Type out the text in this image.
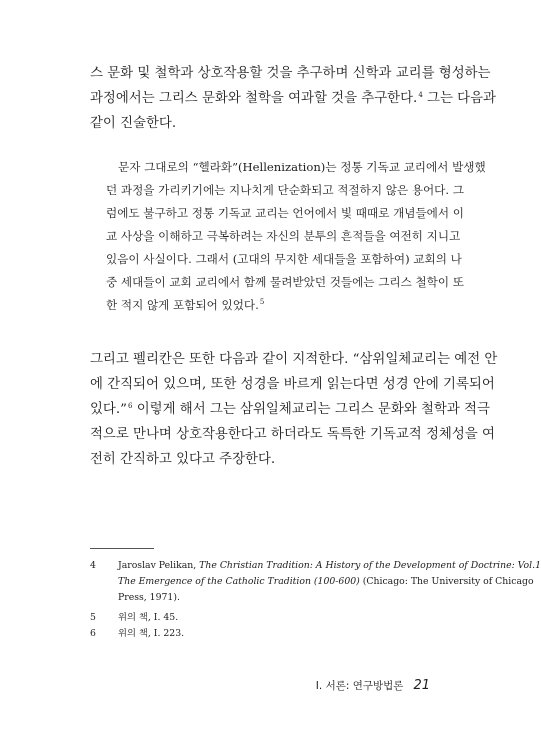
스 문화 및 철학과 상호작용할 것을 추구하며 신학과 교리를 형성하는
과정에서는 그리스 문화와 철학을 여과할 것을 추구한다.$^4$ 그는 다음과
같이 진술한다.
문자 그대로의 “헬라화”(Hellenization)는 정통 기독교 교리에서 발생했
던 과정을 가리키기에는 지나치게 단순화되고 적절하지 않은 용어다. 그
럼에도 불구하고 정통 기독교 교리는 언어에서 빛 때때로 개념들에서 이
교 사상을 이해하고 극복하려는 자신의 분투의 흔적들을 여전히 지니고
있음이 사실이다. 그래서 (고대의 무지한 세대들을 포함하여) 교회의 나
중 세대들이 교회 교리에서 함께 물려받았던 것들에는 그리스 철학이 또
한 적지 않게 포함되어 있었다.$^5$
그리고 펠리칸은 또한 다음과 같이 지적한다. “삼위일체교리는 예전 안
에 간직되어 있으며, 또한 성경을 바르게 읽는다면 성경 안에 기록되어
있다.”$^6$ 이렇게 해서 그는 삼위일체교리는 그리스 문화와 철학과 적극
적으로 만나며 상호작용한다고 하더라도 독특한 기독교적 정체성을 여
전히 간직하고 있다고 주장한다.
4 Jaroslav Pelikan, The Christian Tradition: A History of the Development of Doctrine: Vol.1
The Emergence of the Catholic Tradition (100-600) (Chicago: The University of Chicago
Press, 1971).
5 위의 책, I. 45.
6 위의 책, I. 223.
I. 서론: 연구방법론 21
